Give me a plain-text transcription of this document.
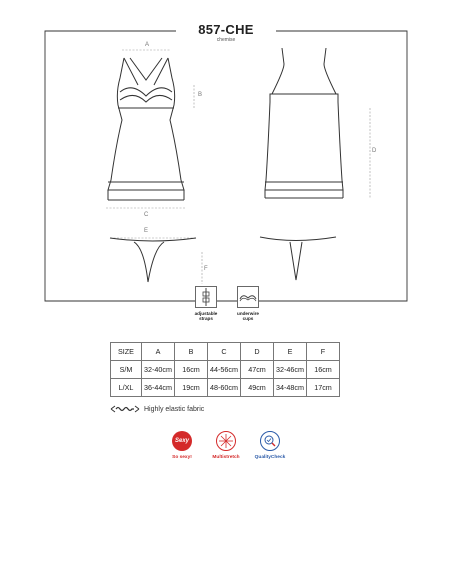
A
B
C
E
F
D
857-CHE
chemise
adjustable
straps
underwire
cups
SIZE	A	B	C	D	E	F
S/M	32-40cm	16cm	44-56cm	47cm	32-46cm	16cm
L/XL	36-44cm	19cm	48-60cm	49cm	34-48cm	17cm
Highly elastic fabric
Sexy
So sexy!	Multistretch	QualityCheck
